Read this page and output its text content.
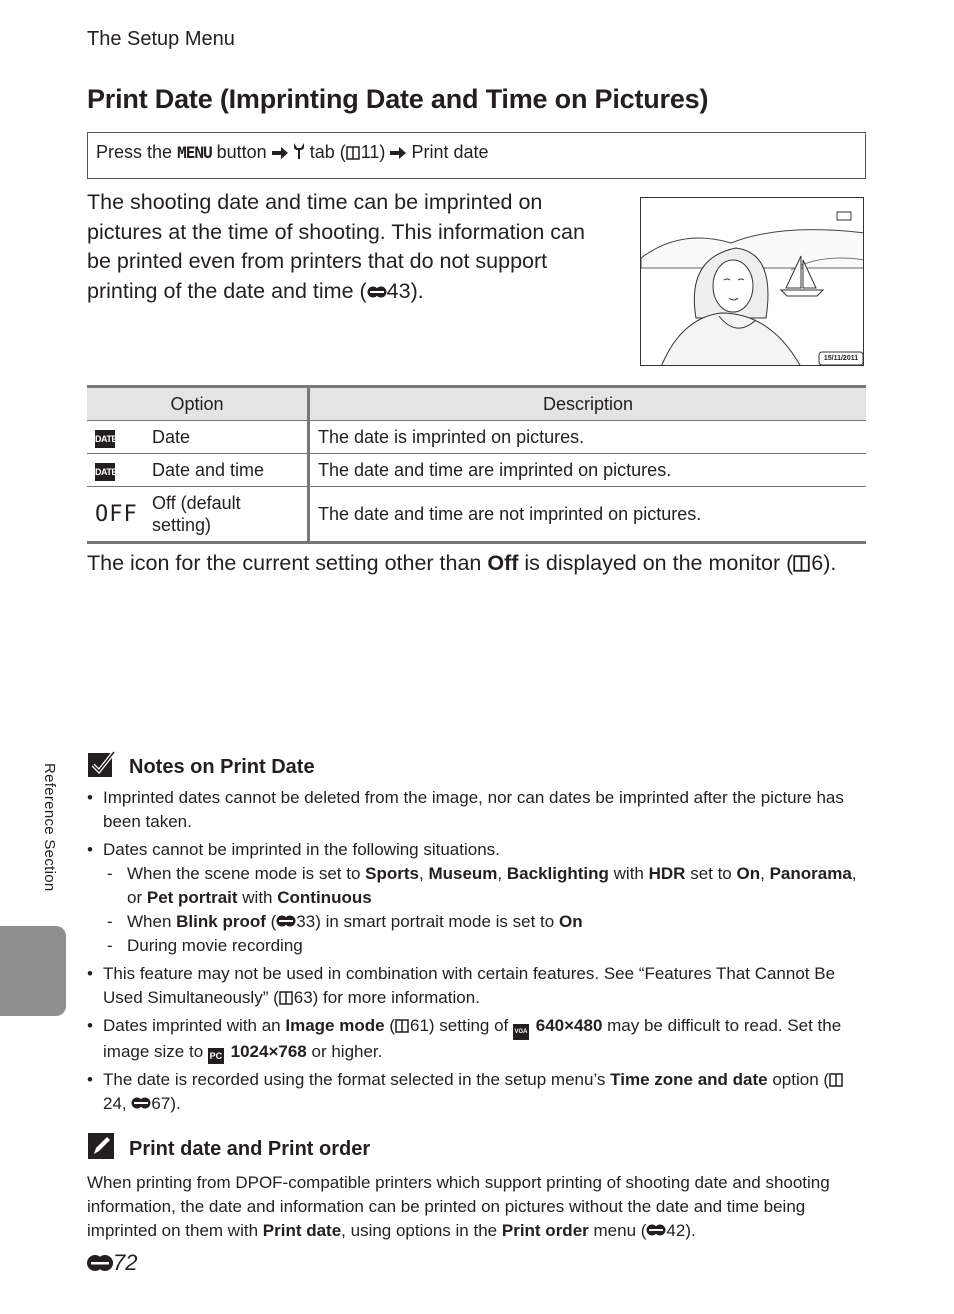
The Setup Menu
Print Date (Imprinting Date and Time on Pictures)
Press the MENU button tab ( 11) Print date
The shooting date and time can be imprinted on pictures at the time of shooting. This information can be printed even from printers that do not support printing of the date and time ( 43).
15/11/2011
Option		Description
DATE	Date	The date is imprinted on pictures.
DATE	Date and time	The date and time are imprinted on pictures.
OFF	Off (default setting)	The date and time are not imprinted on pictures.
The icon for the current setting other than Off is displayed on the monitor ( 6).
Reference Section	Notes on Print Date
• Imprinted dates cannot be deleted from the image, nor can dates be imprinted after the picture has been taken.
• Dates cannot be imprinted in the following situations.
- When the scene mode is set to Sports, Museum, Backlighting with HDR set to On, Panorama, or Pet portrait with Continuous
- When Blink proof ( 33) in smart portrait mode is set to On
- During movie recording
• This feature may not be used in combination with certain features. See “Features That Cannot Be Used Simultaneously” ( 63) for more information.
• Dates imprinted with an Image mode ( 61) setting of VGA 640×480 may be difficult to read. Set the image size to PC 1024×768 or higher.
• The date is recorded using the format selected in the setup menu’s Time zone and date option (24, 67).
Print date and Print order
When printing from DPOF-compatible printers which support printing of shooting date and shooting information, the date and information can be printed on pictures without the date and time being imprinted on them with Print date, using options in the Print order menu ( 42).
72
